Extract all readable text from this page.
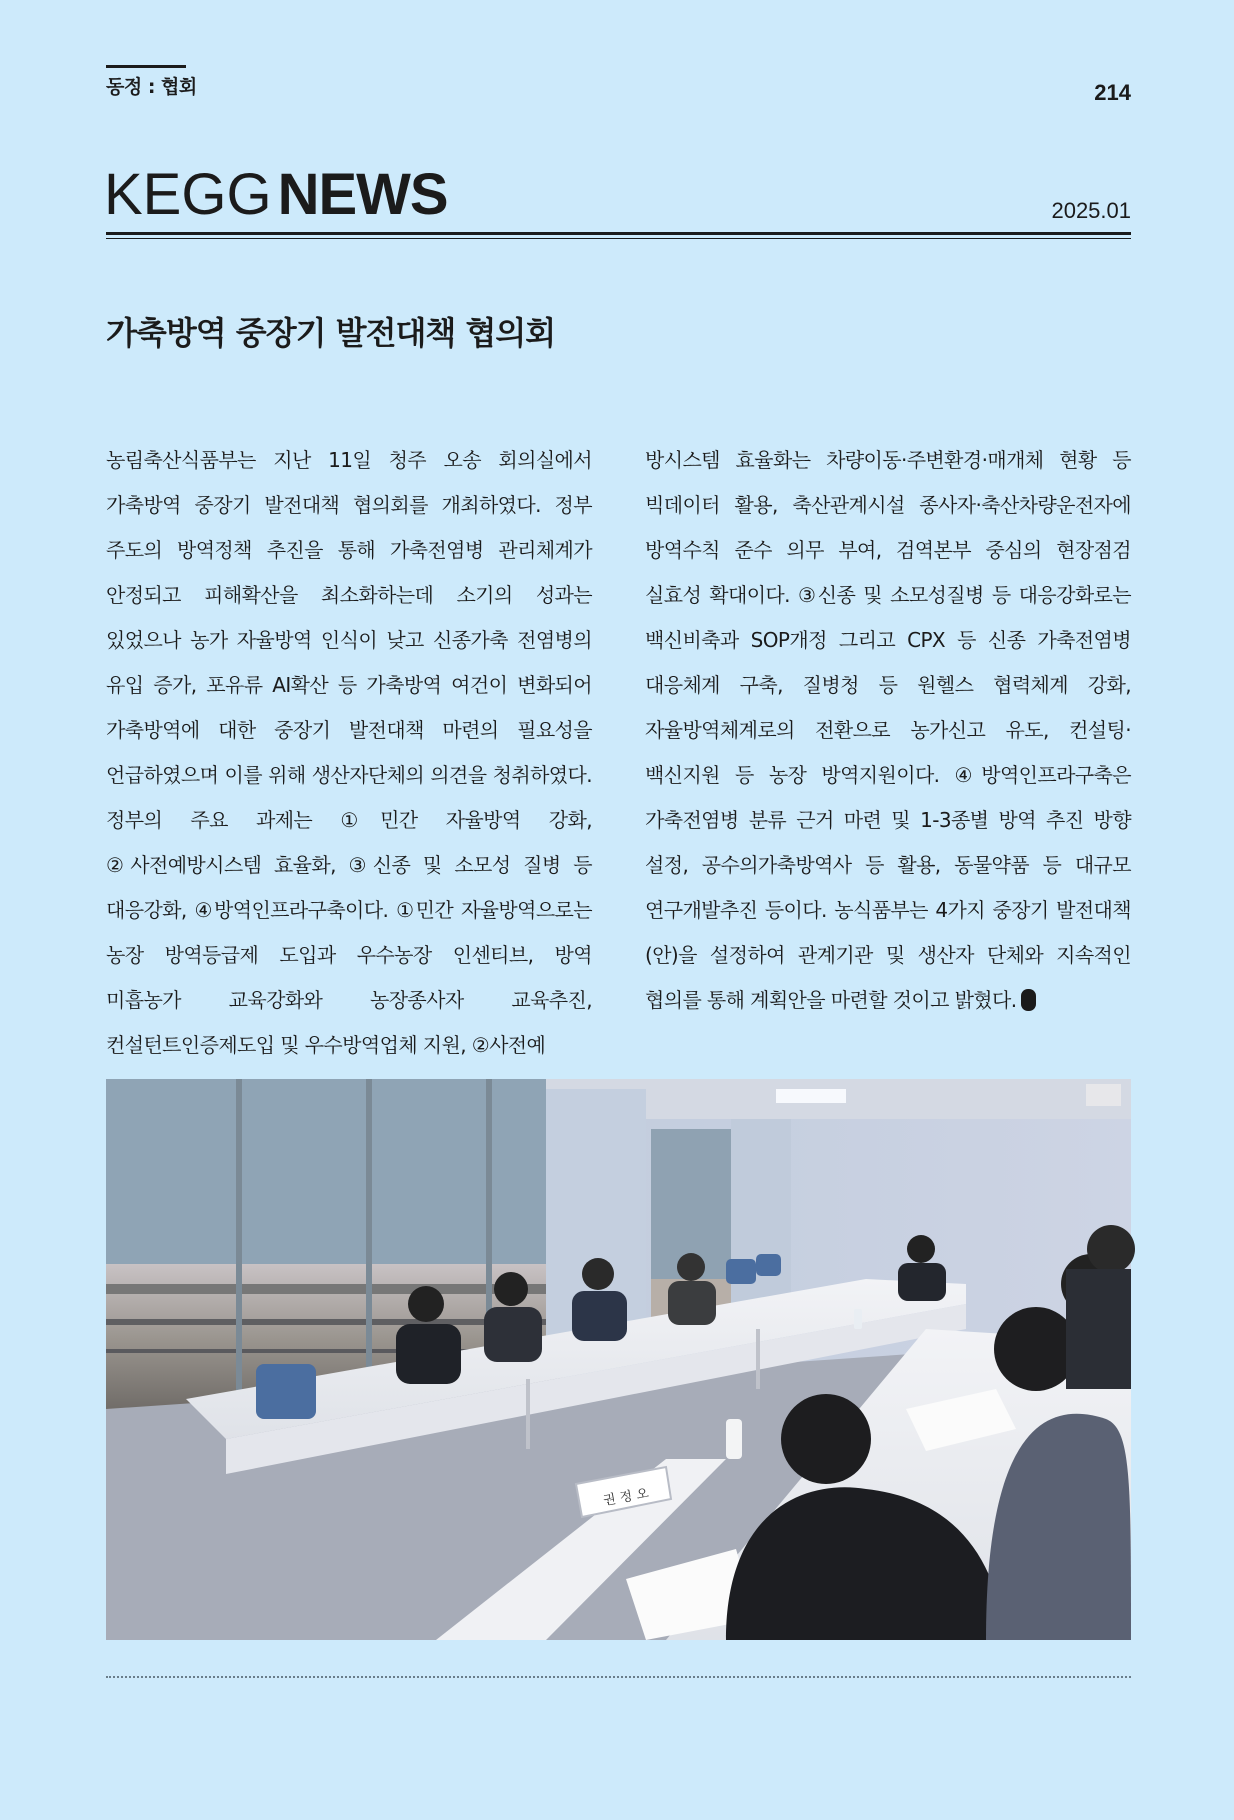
동정 : 협회	214
KEGG NEWS	2025.01
가축방역 중장기 발전대책 협의회

농림축산식품부는 지난 11일 청주 오송 회의실에서 가축방역 중장기 발전대책 협의회를 개최하였다. 정부 주도의 방역정책 추진을 통해 가축전염병 관리체계가 안정되고 피해확산을 최소화하는데 소기의 성과는 있었으나 농가 자율방역 인식이 낮고 신종가축 전염병의 유입 증가, 포유류 AI확산 등 가축방역 여건이 변화되어 가축방역에 대한 중장기 발전대책 마련의 필요성을 언급하였으며 이를 위해 생산자단체의 의견을 청취하였다. 정부의 주요 과제는 ①민간 자율방역 강화, ②사전예방시스템 효율화, ③신종 및 소모성 질병 등 대응강화, ④방역인프라구축이다. ①민간 자율방역으로는 농장 방역등급제 도입과 우수농장 인센티브, 방역 미흡농가 교육강화와 농장종사자 교육추진, 컨설턴트인증제도입 및 우수방역업체 지원, ②사전예

방시스템 효율화는 차량이동·주변환경·매개체 현황 등 빅데이터 활용, 축산관계시설 종사자·축산차량운전자에 방역수칙 준수 의무 부여, 검역본부 중심의 현장점검 실효성 확대이다. ③신종 및 소모성질병 등 대응강화로는 백신비축과 SOP개정 그리고 CPX 등 신종 가축전염병 대응체계 구축, 질병청 등 원헬스 협력체계 강화, 자율방역체계로의 전환으로 농가신고 유도, 컨설팅·백신지원 등 농장 방역지원이다. ④방역인프라구축은 가축전염병 분류 근거 마련 및 1-3종별 방역 추진 방향 설정, 공수의가축방역사 등 활용, 동물약품 등 대규모 연구개발추진 등이다. 농식품부는 4가지 중장기 발전대책(안)을 설정하여 관계기관 및 생산자 단체와 지속적인 협의를 통해 계획안을 마련할 것이고 밝혔다.

권 정 오
